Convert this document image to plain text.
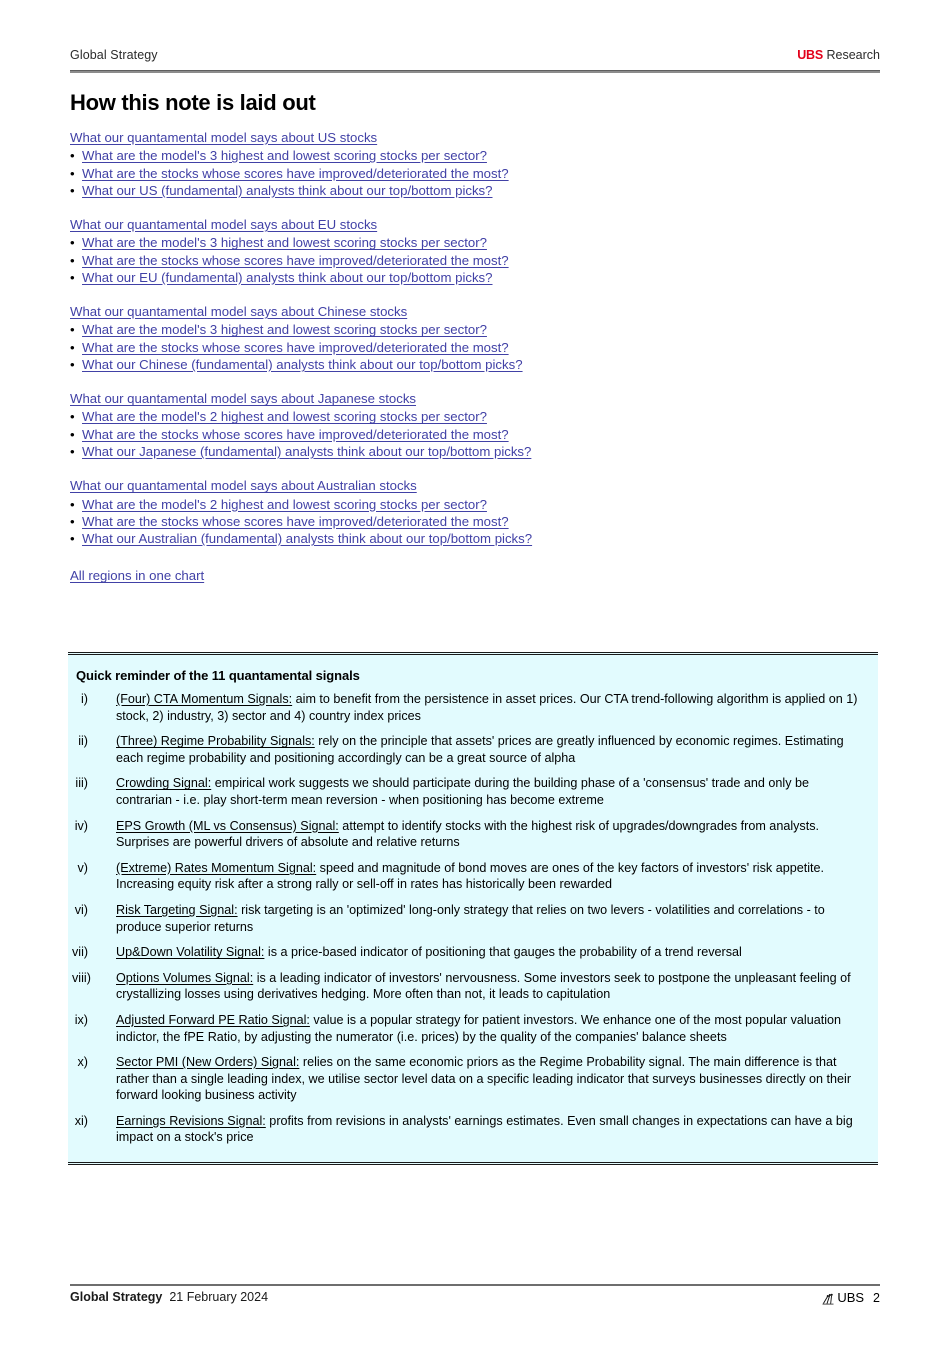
Global Strategy	UBS Research
How this note is laid out
What our quantamental model says about US stocks
• What are the model's 3 highest and lowest scoring stocks per sector?
• What are the stocks whose scores have improved/deteriorated the most?
• What our US (fundamental) analysts think about our top/bottom picks?
What our quantamental model says about EU stocks
• What are the model's 3 highest and lowest scoring stocks per sector?
• What are the stocks whose scores have improved/deteriorated the most?
• What our EU (fundamental) analysts think about our top/bottom picks?
What our quantamental model says about Chinese stocks
• What are the model's 3 highest and lowest scoring stocks per sector?
• What are the stocks whose scores have improved/deteriorated the most?
• What our Chinese (fundamental) analysts think about our top/bottom picks?
What our quantamental model says about Japanese stocks
• What are the model's 2 highest and lowest scoring stocks per sector?
• What are the stocks whose scores have improved/deteriorated the most?
• What our Japanese (fundamental) analysts think about our top/bottom picks?
What our quantamental model says about Australian stocks
• What are the model's 2 highest and lowest scoring stocks per sector?
• What are the stocks whose scores have improved/deteriorated the most?
• What our Australian (fundamental) analysts think about our top/bottom picks?
All regions in one chart
Quick reminder of the 11 quantamental signals
i)	(Four) CTA Momentum Signals: aim to benefit from the persistence in asset prices. Our CTA trend-following algorithm is applied on 1) stock, 2) industry, 3) sector and 4) country index prices
ii)	(Three) Regime Probability Signals: rely on the principle that assets' prices are greatly influenced by economic regimes. Estimating each regime probability and positioning accordingly can be a great source of alpha
iii)	Crowding Signal: empirical work suggests we should participate during the building phase of a 'consensus' trade and only be contrarian - i.e. play short-term mean reversion - when positioning has become extreme
iv)	EPS Growth (ML vs Consensus) Signal: attempt to identify stocks with the highest risk of upgrades/downgrades from analysts. Surprises are powerful drivers of absolute and relative returns
v)	(Extreme) Rates Momentum Signal: speed and magnitude of bond moves are ones of the key factors of investors' risk appetite. Increasing equity risk after a strong rally or sell-off in rates has historically been rewarded
vi)	Risk Targeting Signal: risk targeting is an 'optimized' long-only strategy that relies on two levers - volatilities and correlations - to produce superior returns
vii)	Up&Down Volatility Signal: is a price-based indicator of positioning that gauges the probability of a trend reversal
viii)	Options Volumes Signal: is a leading indicator of investors' nervousness. Some investors seek to postpone the unpleasant feeling of crystallizing losses using derivatives hedging. More often than not, it leads to capitulation
ix)	Adjusted Forward PE Ratio Signal: value is a popular strategy for patient investors. We enhance one of the most popular valuation indictor, the fPE Ratio, by adjusting the numerator (i.e. prices) by the quality of the companies' balance sheets
x)	Sector PMI (New Orders) Signal: relies on the same economic priors as the Regime Probability signal. The main difference is that rather than a single leading index, we utilise sector level data on a specific leading indicator that surveys businesses directly on their forward looking business activity
xi)	Earnings Revisions Signal: profits from revisions in analysts' earnings estimates. Even small changes in expectations can have a big impact on a stock's price
Global Strategy 21 February 2024	UBS 2
